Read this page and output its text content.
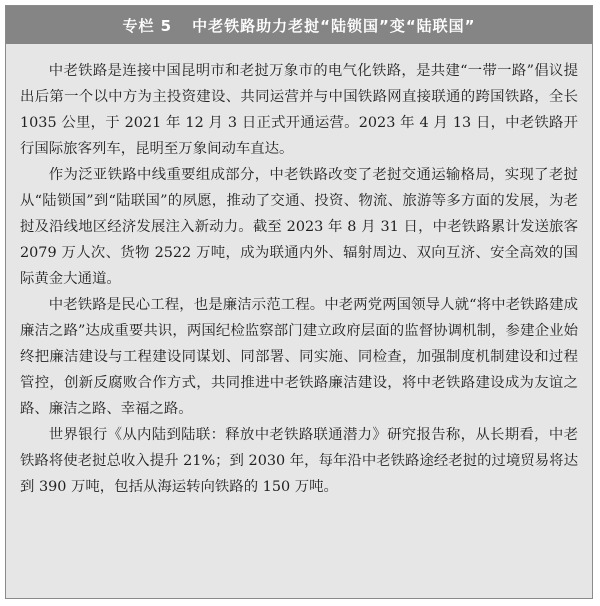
专栏 5 中老铁路助力老挝“陆锁国”变“陆联国”

中老铁路是连接中国昆明市和老挝万象市的电气化铁路，是共建“一带一路”倡议提出后第一个以中方为主投资建设、共同运营并与中国铁路网直接联通的跨国铁路，全长 1035 公里，于 2021 年 12 月 3 日正式开通运营。2023 年 4 月 13 日，中老铁路开行国际旅客列车，昆明至万象间动车直达。

作为泛亚铁路中线重要组成部分，中老铁路改变了老挝交通运输格局，实现了老挝从“陆锁国”到“陆联国”的夙愿，推动了交通、投资、物流、旅游等多方面的发展，为老挝及沿线地区经济发展注入新动力。截至 2023 年 8 月 31 日，中老铁路累计发送旅客 2079 万人次、货物 2522 万吨，成为联通内外、辐射周边、双向互济、安全高效的国际黄金大通道。

中老铁路是民心工程，也是廉洁示范工程。中老两党两国领导人就“将中老铁路建成廉洁之路”达成重要共识，两国纪检监察部门建立政府层面的监督协调机制，参建企业始终把廉洁建设与工程建设同谋划、同部署、同实施、同检查，加强制度机制建设和过程管控，创新反腐败合作方式，共同推进中老铁路廉洁建设，将中老铁路建设成为友谊之路、廉洁之路、幸福之路。

世界银行《从内陆到陆联：释放中老铁路联通潜力》研究报告称，从长期看，中老铁路将使老挝总收入提升 21%；到 2030 年，每年沿中老铁路途经老挝的过境贸易将达到 390 万吨，包括从海运转向铁路的 150 万吨。
